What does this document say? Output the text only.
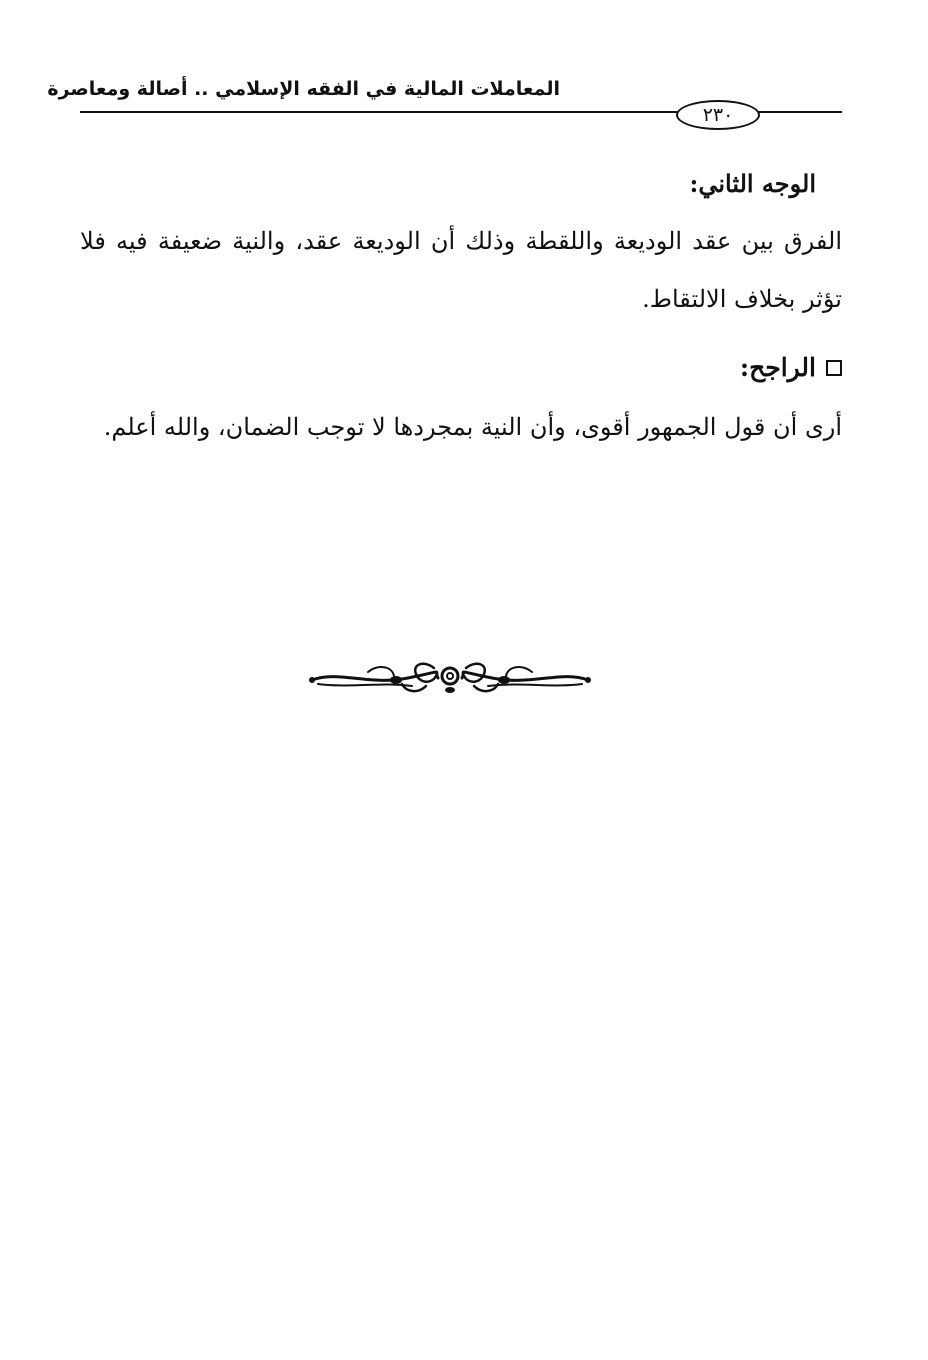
المعاملات المالية في الفقه الإسلامي .. أصالة ومعاصرة
٢٣٠
الوجه الثاني:
الفرق بين عقد الوديعة واللقطة وذلك أن الوديعة عقد، والنية ضعيفة فيه فلا تؤثر بخلاف الالتقاط.
الراجح:
أرى أن قول الجمهور أقوى، وأن النية بمجردها لا توجب الضمان، والله أعلم.
